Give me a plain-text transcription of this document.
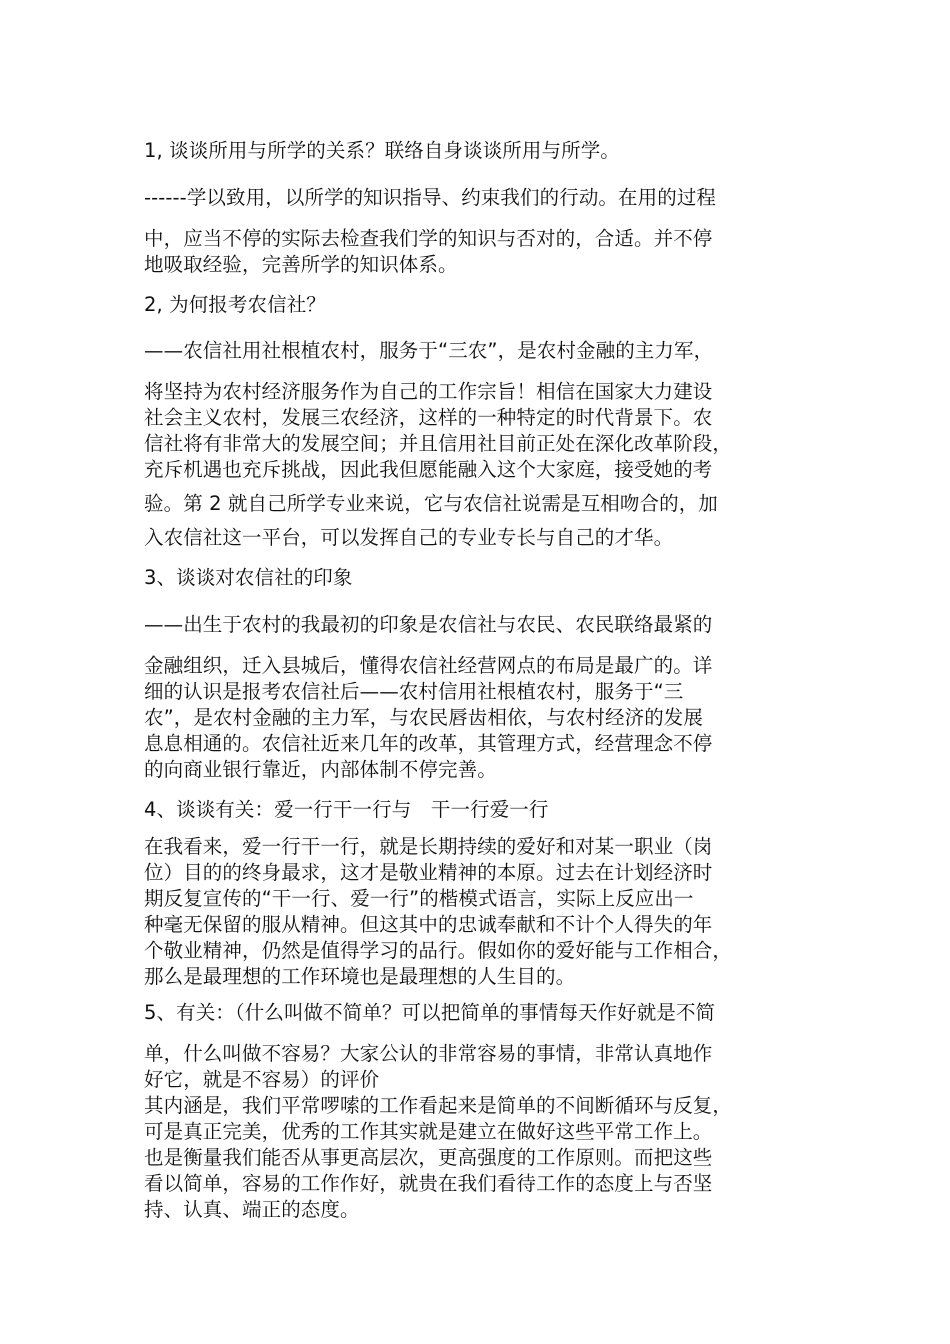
1, 谈谈所用与所学的关系？联络自身谈谈所用与所学。
------学以致用，以所学的知识指导、约束我们的行动。在用的过程
中，应当不停的实际去检查我们学的知识与否对的，合适。并不停
地吸取经验，完善所学的知识体系。
2, 为何报考农信社？
——农信社用社根植农村，服务于“三农”，是农村金融的主力军，
将坚持为农村经济服务作为自己的工作宗旨！相信在国家大力建设
社会主义农村，发展三农经济，这样的一种特定的时代背景下。农
信社将有非常大的发展空间；并且信用社目前正处在深化改革阶段，
充斥机遇也充斥挑战，因此我但愿能融入这个大家庭，接受她的考
验。第 2 就自己所学专业来说，它与农信社说需是互相吻合的，加
入农信社这一平台，可以发挥自己的专业专长与自己的才华。
3、谈谈对农信社的印象
——出生于农村的我最初的印象是农信社与农民、农民联络最紧的
金融组织，迁入县城后，懂得农信社经营网点的布局是最广的。详
细的认识是报考农信社后——农村信用社根植农村，服务于“三
农”，是农村金融的主力军，与农民唇齿相依，与农村经济的发展
息息相通的。农信社近来几年的改革，其管理方式，经营理念不停
的向商业银行靠近，内部体制不停完善。
4、谈谈有关：爱一行干一行与　干一行爱一行
在我看来，爱一行干一行，就是长期持续的爱好和对某一职业（岗
位）目的的终身最求，这才是敬业精神的本原。过去在计划经济时
期反复宣传的“干一行、爱一行”的楷模式语言，实际上反应出一
种毫无保留的服从精神。但这其中的忠诚奉献和不计个人得失的年
个敬业精神，仍然是值得学习的品行。假如你的爱好能与工作相合，
那么是最理想的工作环境也是最理想的人生目的。
5、有关：（什么叫做不简单？可以把简单的事情每天作好就是不简
单，什么叫做不容易？大家公认的非常容易的事情，非常认真地作
好它，就是不容易）的评价
其内涵是，我们平常啰嗦的工作看起来是简单的不间断循环与反复，
可是真正完美，优秀的工作其实就是建立在做好这些平常工作上。
也是衡量我们能否从事更高层次，更高强度的工作原则。而把这些
看以简单，容易的工作作好，就贵在我们看待工作的态度上与否坚
持、认真、端正的态度。
